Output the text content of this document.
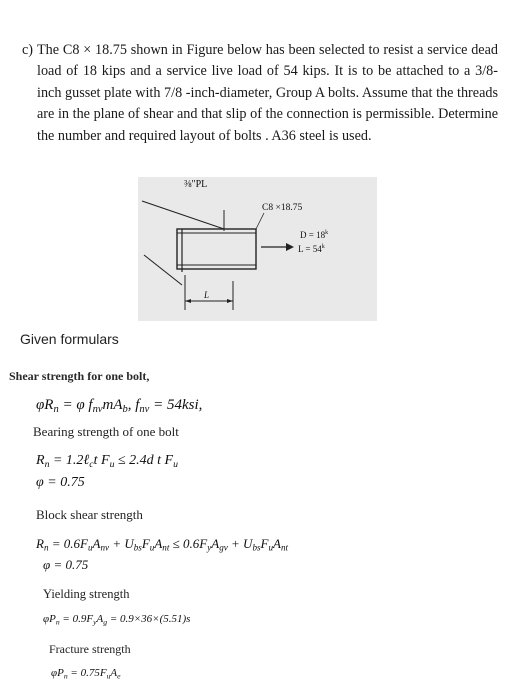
c) The C8 × 18.75 shown in Figure below has been selected to resist a service dead load of 18 kips and a service live load of 54 kips. It is to be attached to a 3/8-inch gusset plate with 7/8 -inch-diameter, Group A bolts. Assume that the threads are in the plane of shear and that slip of the connection is permissible. Determine the number and required layout of bolts . A36 steel is used.
⅜"PL
C8 ×18.75
$D = 18^k$
$L = 54^k$
L
Given formulars
Shear strength for one bolt,
$\varphi R_n = \varphi$ $f_{nv}mA_b$, $f_{nv} = 54ksi$,
Bearing strength of one bolt
$R_n$ = 1.2ℓ$_c$t $F_u \le 2.4d$ t $F_u$
φ = 0.75
Block shear strength
$R_n = 0.6F_uA_{nv} + U_{bs}F_uA_{nt} \le 0.6F_yA_{gv} + U_{bs}F_uA_{nt}$
φ = 0.75
Yielding strength
$\varphi P_n = 0.9F_yA_g = 0.9\times 36\times(5.51)s$
Fracture strength
$\varphi P_n = 0.75F_uA_e$
